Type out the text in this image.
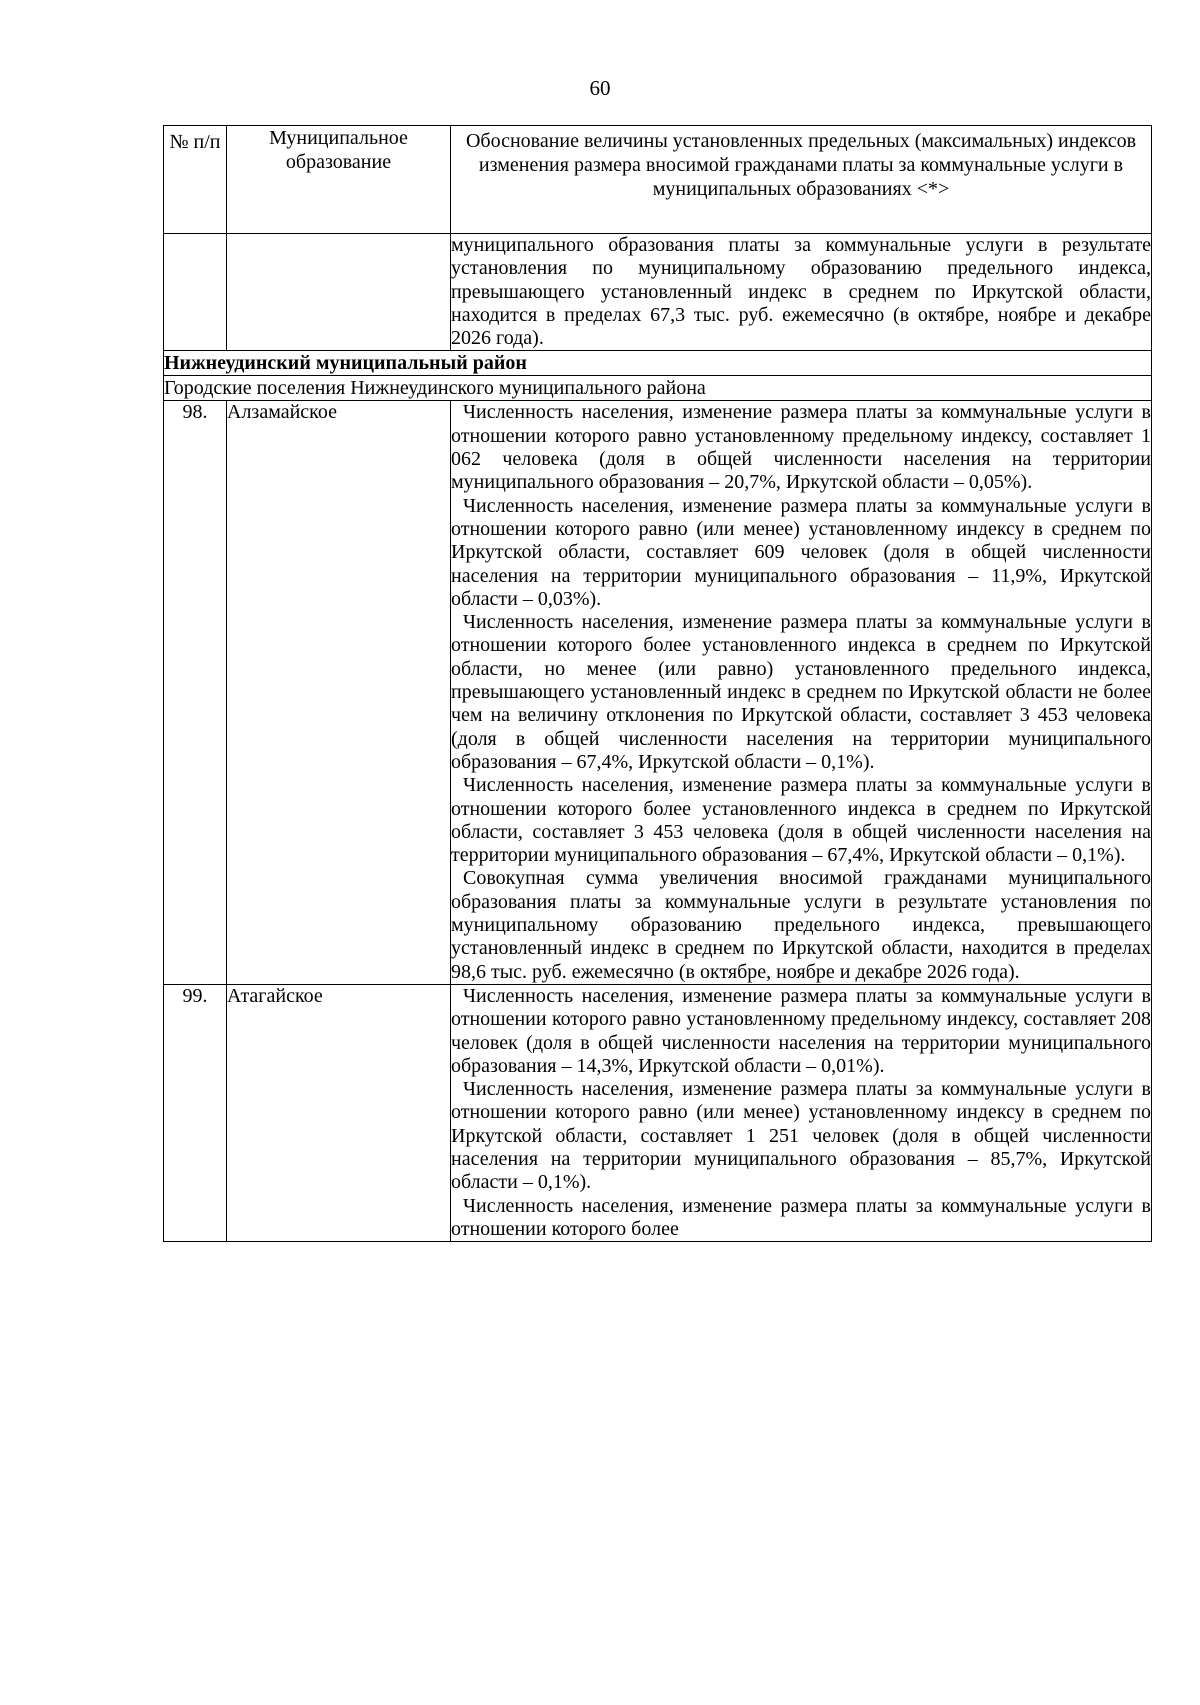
60
№ п/п	Муниципальное образование	Обоснование величины установленных предельных (максимальных) индексов изменения размера вносимой гражданами платы за коммунальные услуги в муниципальных образованиях <*>

		муниципального образования платы за коммунальные услуги в результате установления по муниципальному образованию предельного индекса, превышающего установленный индекс в среднем по Иркутской области, находится в пределах 67,3 тыс. руб. ежемесячно (в октябре, ноябре и декабре 2026 года).

Нижнеудинский муниципальный район		
Городские поселения Нижнеудинского муниципального района		
98.	Алзамайское	Численность населения, изменение размера платы за коммунальные услуги в отношении которого равно установленному предельному индексу, составляет 1 062 человека (доля в общей численности населения на территории муниципального образования – 20,7%, Иркутской области – 0,05%).

Численность населения, изменение размера платы за коммунальные услуги в отношении которого равно (или менее) установленному индексу в среднем по Иркутской области, составляет 609 человек (доля в общей численности населения на территории муниципального образования – 11,9%, Иркутской области – 0,03%).

Численность населения, изменение размера платы за коммунальные услуги в отношении которого более установленного индекса в среднем по Иркутской области, но менее (или равно) установленного предельного индекса, превышающего установленный индекс в среднем по Иркутской области не более чем на величину отклонения по Иркутской области, составляет 3 453 человека (доля в общей численности населения на территории муниципального образования – 67,4%, Иркутской области – 0,1%).

Численность населения, изменение размера платы за коммунальные услуги в отношении которого более установленного индекса в среднем по Иркутской области, составляет 3 453 человека (доля в общей численности населения на территории муниципального образования – 67,4%, Иркутской области – 0,1%).

Совокупная сумма увеличения вносимой гражданами муниципального образования платы за коммунальные услуги в результате установления по муниципальному образованию предельного индекса, превышающего установленный индекс в среднем по Иркутской области, находится в пределах 98,6 тыс. руб. ежемесячно (в октябре, ноябре и декабре 2026 года).

99.	Атагайское	Численность населения, изменение размера платы за коммунальные услуги в отношении которого равно установленному предельному индексу, составляет 208 человек (доля в общей численности населения на территории муниципального образования – 14,3%, Иркутской области – 0,01%).

Численность населения, изменение размера платы за коммунальные услуги в отношении которого равно (или менее) установленному индексу в среднем по Иркутской области, составляет 1 251 человек (доля в общей численности населения на территории муниципального образования – 85,7%, Иркутской области – 0,1%).

Численность населения, изменение размера платы за коммунальные услуги в отношении которого более
